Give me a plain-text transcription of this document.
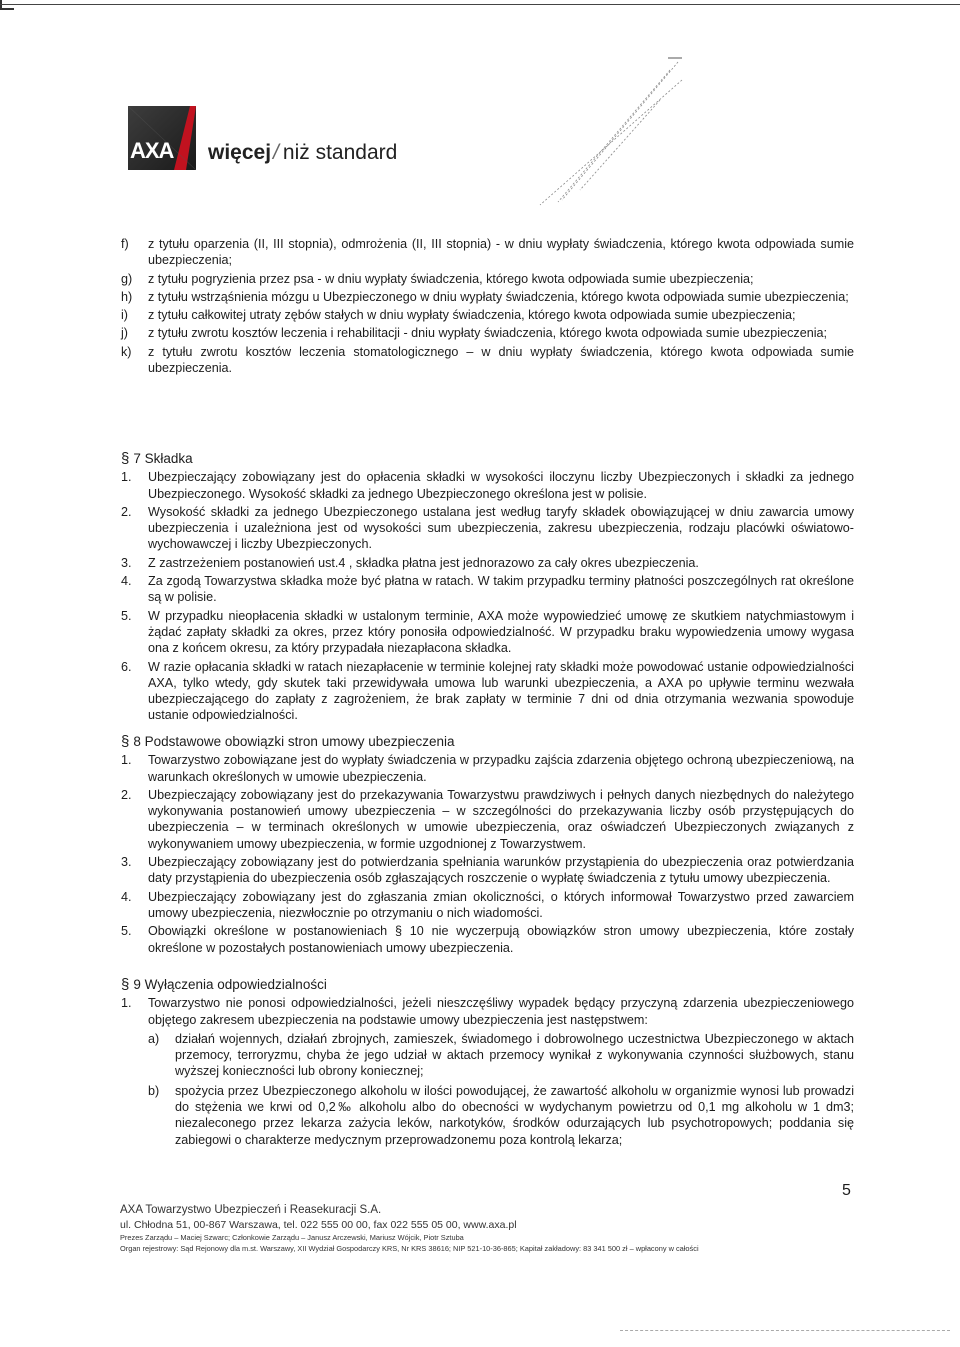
AXA więcej/ niż standard
f) z tytułu oparzenia (II, III stopnia), odmrożenia (II, III stopnia) - w dniu wypłaty świadczenia, którego kwota odpowiada sumie ubezpieczenia;
g) z tytułu pogryzienia przez psa - w dniu wypłaty świadczenia, którego kwota odpowiada sumie ubezpieczenia;
h) z tytułu wstrząśnienia mózgu u Ubezpieczonego w dniu wypłaty świadczenia, którego kwota odpowiada sumie ubezpieczenia;
i) z tytułu całkowitej utraty zębów stałych w dniu wypłaty świadczenia, którego kwota odpowiada sumie ubezpieczenia;
j) z tytułu zwrotu kosztów leczenia i rehabilitacji - dniu wypłaty świadczenia, którego kwota odpowiada sumie ubezpieczenia;
k) z tytułu zwrotu kosztów leczenia stomatologicznego – w dniu wypłaty świadczenia, którego kwota odpowiada sumie ubezpieczenia.
§ 7 Składka
1. Ubezpieczający zobowiązany jest do opłacenia składki w wysokości iloczynu liczby Ubezpieczonych i składki za jednego Ubezpieczonego. Wysokość składki za jednego Ubezpieczonego określona jest w polisie.
2. Wysokość składki za jednego Ubezpieczonego ustalana jest według taryfy składek obowiązującej w dniu zawarcia umowy ubezpieczenia i uzależniona jest od wysokości sum ubezpieczenia, zakresu ubezpieczenia, rodzaju placówki oświatowo-wychowawczej i liczby Ubezpieczonych.
3. Z zastrzeżeniem postanowień ust.4 , składka płatna jest jednorazowo za cały okres ubezpieczenia.
4. Za zgodą Towarzystwa składka może być płatna w ratach. W takim przypadku terminy płatności poszczególnych rat określone są w polisie.
5. W przypadku nieopłacenia składki w ustalonym terminie, AXA może wypowiedzieć umowę ze skutkiem natychmiastowym i żądać zapłaty składki za okres, przez który ponosiła odpowiedzialność. W przypadku braku wypowiedzenia umowy wygasa ona z końcem okresu, za który przypadała niezapłacona składka.
6. W razie opłacania składki w ratach niezapłacenie w terminie kolejnej raty składki może powodować ustanie odpowiedzialności AXA, tylko wtedy, gdy skutek taki przewidywała umowa lub warunki ubezpieczenia, a AXA po upływie terminu wezwała ubezpieczającego do zapłaty z zagrożeniem, że brak zapłaty w terminie 7 dni od dnia otrzymania wezwania spowoduje ustanie odpowiedzialności.
§ 8 Podstawowe obowiązki stron umowy ubezpieczenia
1. Towarzystwo zobowiązane jest do wypłaty świadczenia w przypadku zajścia zdarzenia objętego ochroną ubezpieczeniową, na warunkach określonych w umowie ubezpieczenia.
2. Ubezpieczający zobowiązany jest do przekazywania Towarzystwu prawdziwych i pełnych danych niezbędnych do należytego wykonywania postanowień umowy ubezpieczenia – w szczególności do przekazywania liczby osób przystępujących do ubezpieczenia – w terminach określonych w umowie ubezpieczenia, oraz oświadczeń Ubezpieczonych związanych z wykonywaniem umowy ubezpieczenia, w formie uzgodnionej z Towarzystwem.
3. Ubezpieczający zobowiązany jest do potwierdzania spełniania warunków przystąpienia do ubezpieczenia oraz potwierdzania daty przystąpienia do ubezpieczenia osób zgłaszających roszczenie o wypłatę świadczenia z tytułu umowy ubezpieczenia.
4. Ubezpieczający zobowiązany jest do zgłaszania zmian okoliczności, o których informował Towarzystwo przed zawarciem umowy ubezpieczenia, niezwłocznie po otrzymaniu o nich wiadomości.
5. Obowiązki określone w postanowieniach § 10 nie wyczerpują obowiązków stron umowy ubezpieczenia, które zostały określone w pozostałych postanowieniach umowy ubezpieczenia.
§ 9 Wyłączenia odpowiedzialności
1. Towarzystwo nie ponosi odpowiedzialności, jeżeli nieszczęśliwy wypadek będący przyczyną zdarzenia ubezpieczeniowego objętego zakresem ubezpieczenia na podstawie umowy ubezpieczenia jest następstwem:
a) działań wojennych, działań zbrojnych, zamieszek, świadomego i dobrowolnego uczestnictwa Ubezpieczonego w aktach przemocy, terroryzmu, chyba że jego udział w aktach przemocy wynikał z wykonywania czynności służbowych, stanu wyższej konieczności lub obrony koniecznej;
b) spożycia przez Ubezpieczonego alkoholu w ilości powodującej, że zawartość alkoholu w organizmie wynosi lub prowadzi do stężenia we krwi od 0,2‰ alkoholu albo do obecności w wydychanym powietrzu od 0,1 mg alkoholu w 1 dm3; niezaleconego przez lekarza zażycia leków, narkotyków, środków odurzających lub psychotropowych; poddania się zabiegowi o charakterze medycznym przeprowadzonemu poza kontrolą lekarza;
5
AXA Towarzystwo Ubezpieczeń i Reasekuracji S.A.
ul. Chłodna 51, 00-867 Warszawa, tel. 022 555 00 00, fax 022 555 05 00, www.axa.pl
Prezes Zarządu – Maciej Szwarc; Członkowie Zarządu – Janusz Arczewski, Mariusz Wójcik, Piotr Sztuba
Organ rejestrowy: Sąd Rejonowy dla m.st. Warszawy, XII Wydział Gospodarczy KRS, Nr KRS 38616; NIP 521-10-36-865; Kapitał zakładowy: 83 341 500 zł – wpłacony w całości
